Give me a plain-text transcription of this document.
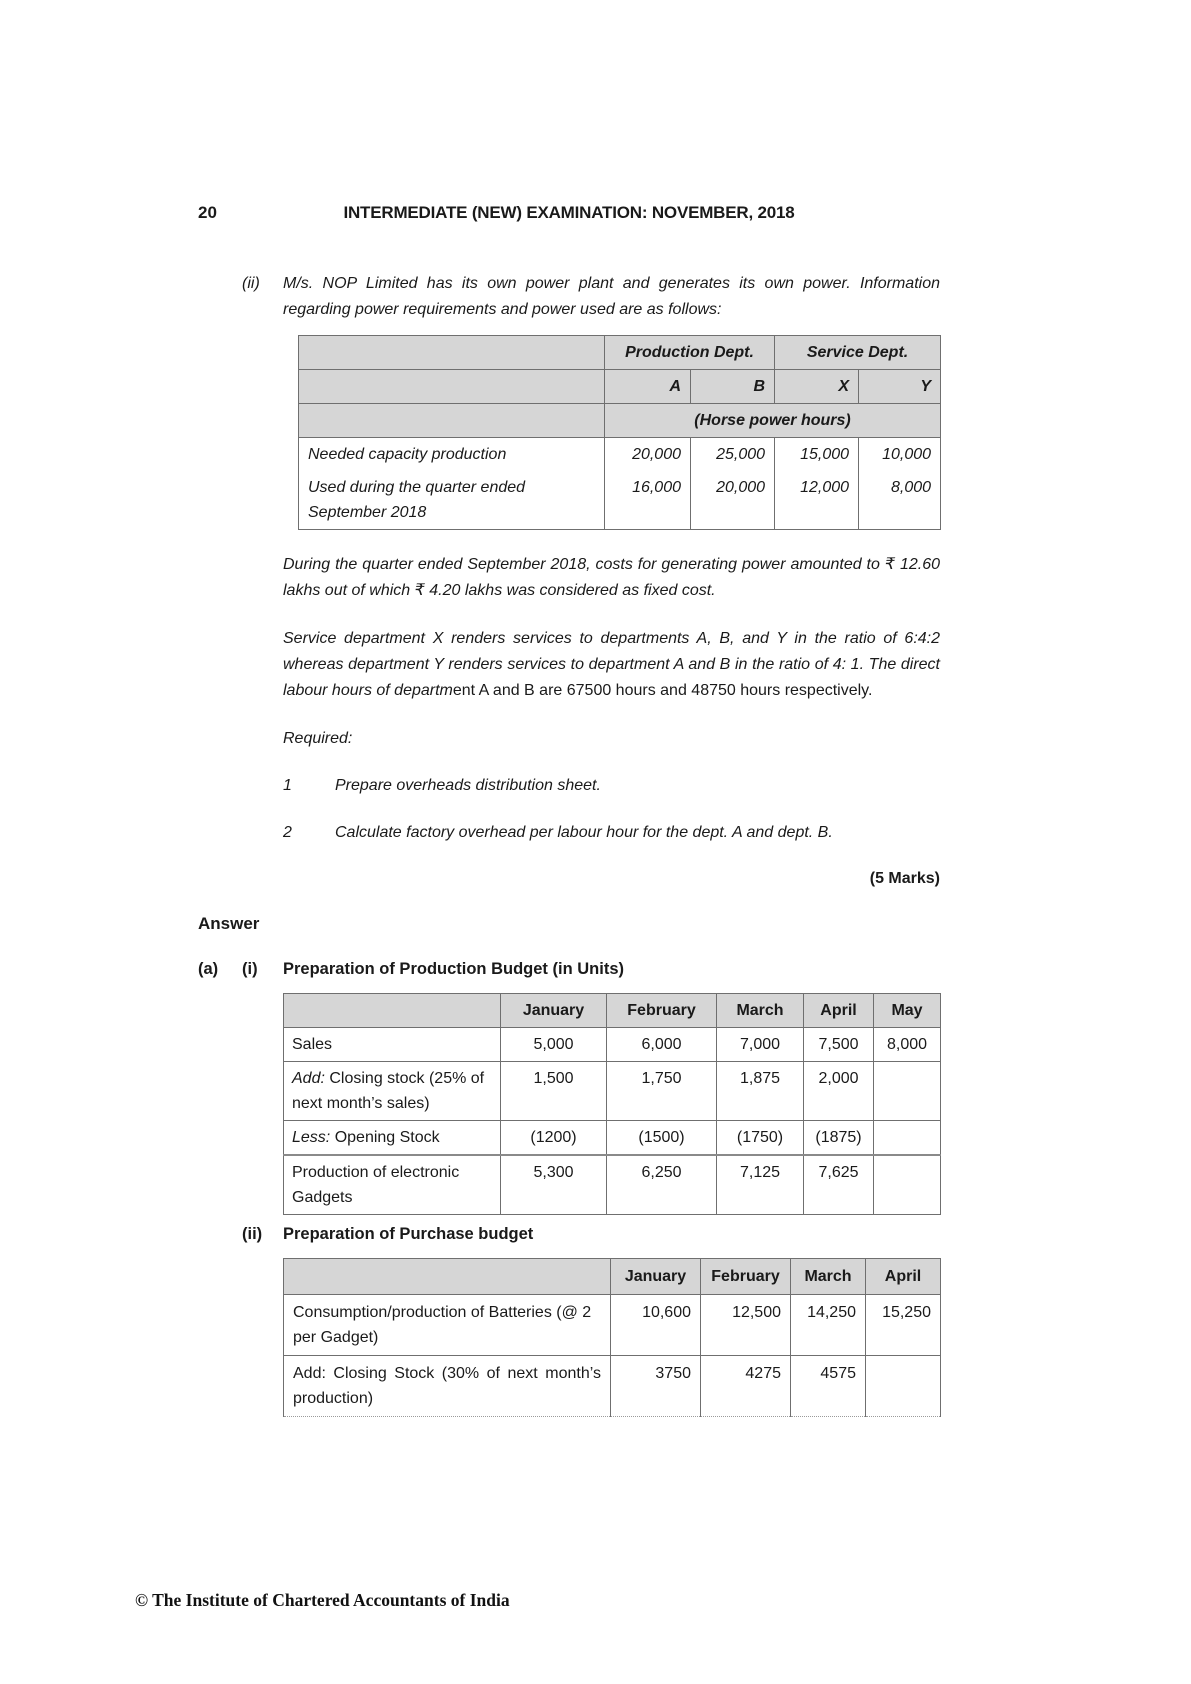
20	INTERMEDIATE (NEW) EXAMINATION: NOVEMBER, 2018
(ii)	M/s. NOP Limited has its own power plant and generates its own power. Information regarding power requirements and power used are as follows:
	Production Dept.		Service Dept.	
	A	B	X	Y
	(Horse power hours)			
Needed capacity production	20,000	25,000	15,000	10,000
Used during the quarter ended September 2018	16,000	20,000	12,000	8,000
During the quarter ended September 2018, costs for generating power amounted to ₹ 12.60 lakhs out of which ₹ 4.20 lakhs was considered as fixed cost.
Service department X renders services to departments A, B, and Y in the ratio of 6:4:2 whereas department Y renders services to department A and B in the ratio of 4: 1. The direct labour hours of department A and B are 67500 hours and 48750 hours respectively.
Required:
1	Prepare overheads distribution sheet.
2	Calculate factory overhead per labour hour for the dept. A and dept. B.
(5 Marks)
Answer
(a)	(i)	Preparation of Production Budget (in Units)
	January	February	March	April	May
Sales	5,000	6,000	7,000	7,500	8,000
Add: Closing stock (25% of next month’s sales)	1,500	1,750	1,875	2,000	
Less: Opening Stock	(1200)	(1500)	(1750)	(1875)	
Production of electronic Gadgets	5,300	6,250	7,125	7,625	
(ii)	Preparation of Purchase budget
	January	February	March	April
Consumption/production of Batteries (@ 2 per Gadget)	10,600	12,500	14,250	15,250
Add: Closing Stock (30% of next month’s production)	3750	4275	4575	
© The Institute of Chartered Accountants of India
